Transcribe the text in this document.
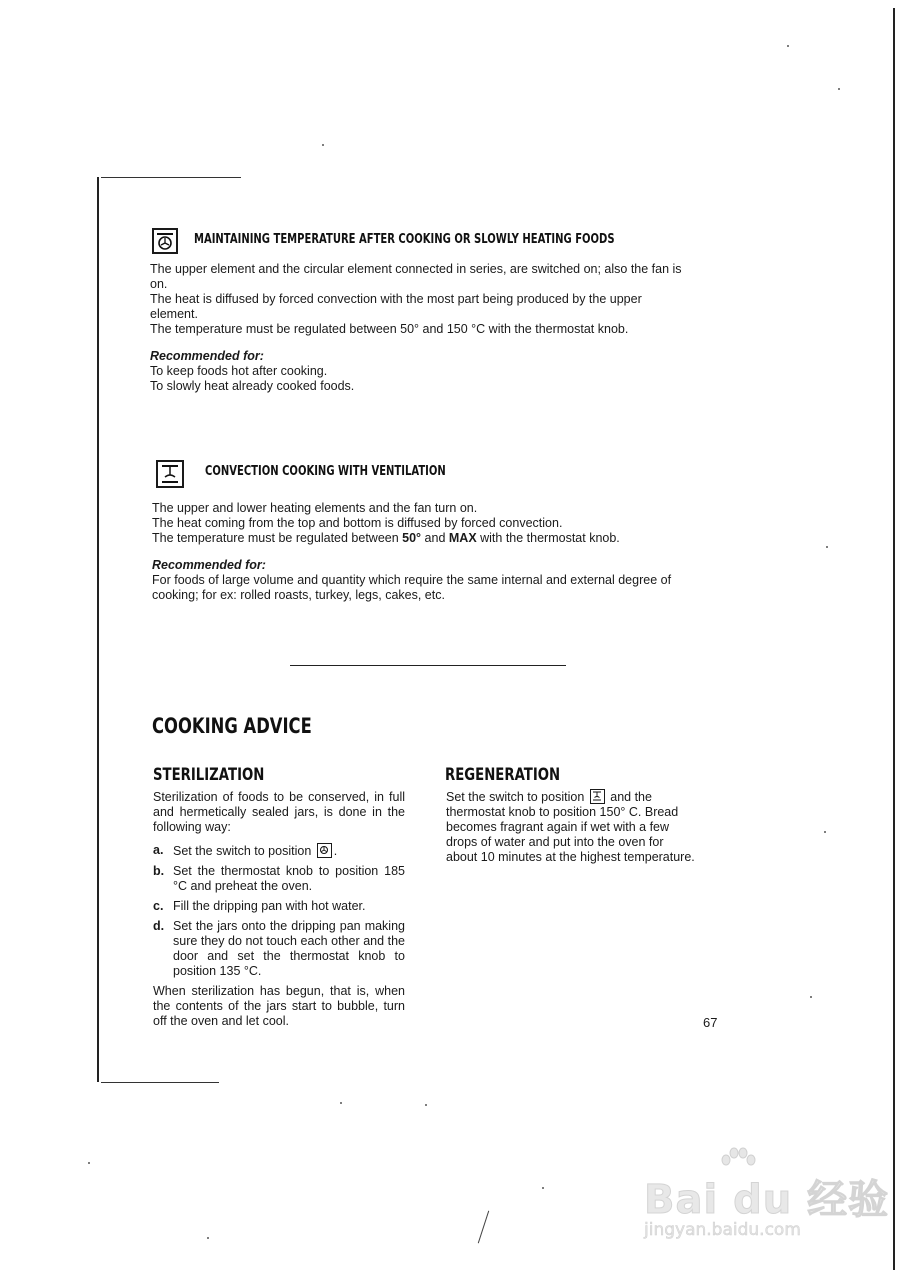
MAINTAINING TEMPERATURE AFTER COOKING OR SLOWLY HEATING FOODS

The upper element and the circular element connected in series, are switched on; also the fan is on.

The heat is diffused by forced convection with the most part being produced by the upper element.

The temperature must be regulated between 50° and 150 °C with the thermostat knob.

Recommended for:

To keep foods hot after cooking.

To slowly heat already cooked foods.

CONVECTION COOKING WITH VENTILATION

The upper and lower heating elements and the fan turn on.

The heat coming from the top and bottom is diffused by forced convection.

The temperature must be regulated between 50° and MAX with the thermostat knob.

Recommended for:

For foods of large volume and quantity which require the same internal and external degree of cooking; for ex: rolled roasts, turkey, legs, cakes, etc.

COOKING ADVICE
STERILIZATION

Sterilization of foods to be conserved, in full and hermetically sealed jars, is done in the following way:

a. Set the switch to position .
b. Set the thermostat knob to position 185 °C and preheat the oven.
c. Fill the dripping pan with hot water.
d. Set the jars onto the dripping pan making sure they do not touch each other and the door and set the thermostat knob to position 135 °C.

When sterilization has begun, that is, when the contents of the jars start to bubble, turn off the oven and let cool.

REGENERATION

Set the switch to position and the thermostat knob to position 150° C. Bread becomes fragrant again if wet with a few drops of water and put into the oven for about 10 minutes at the highest temperature.

67
Bai du 经验
jingyan.baidu.com
